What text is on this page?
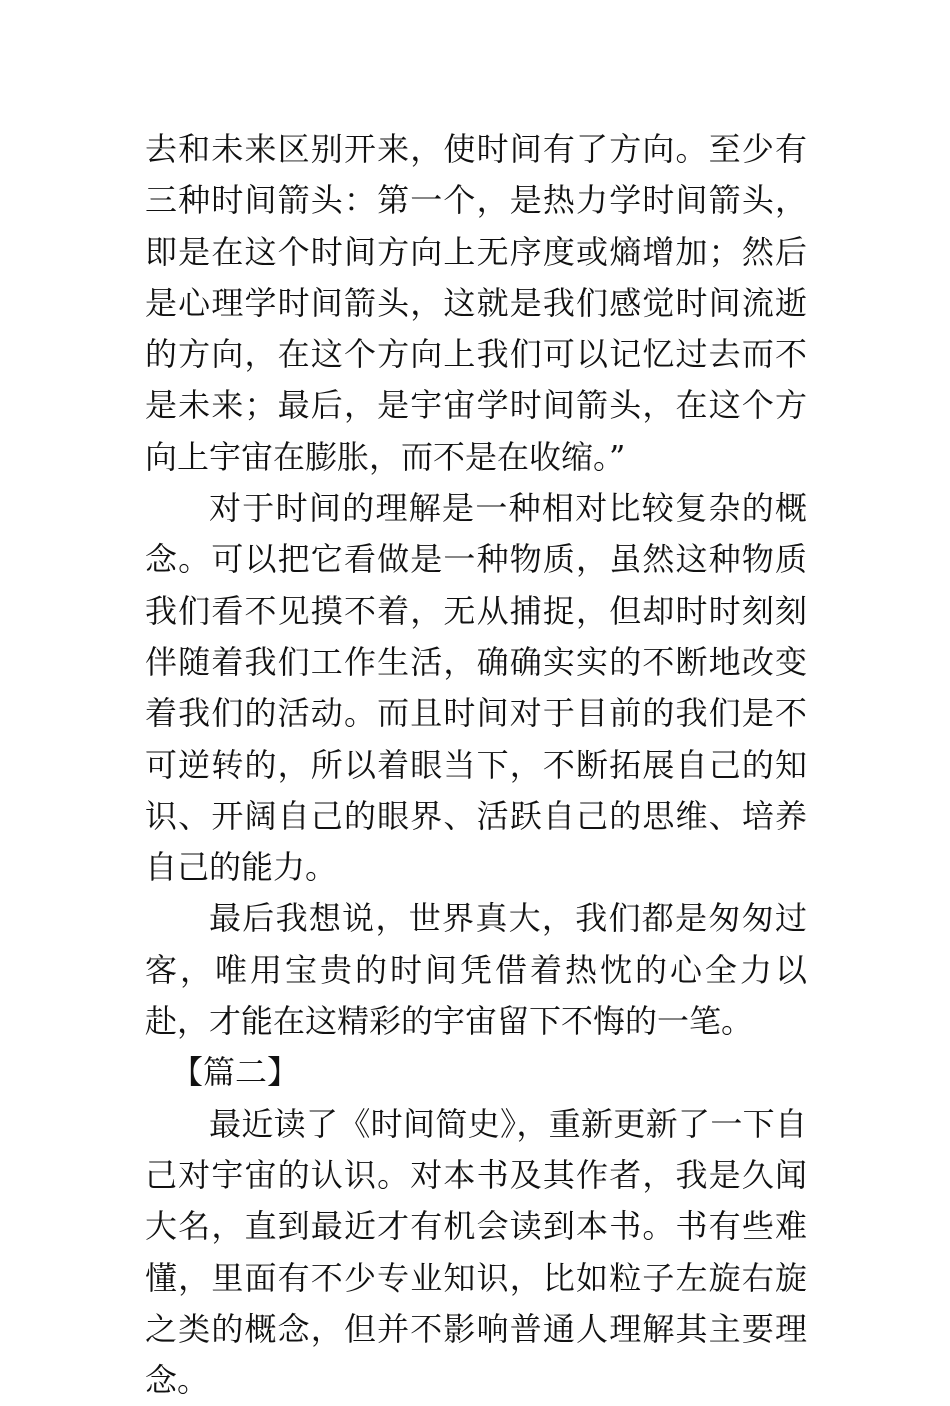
去和未来区别开来，使时间有了方向。至少有三种时间箭头：第一个，是热力学时间箭头，即是在这个时间方向上无序度或熵增加；然后是心理学时间箭头，这就是我们感觉时间流逝的方向，在这个方向上我们可以记忆过去而不是未来；最后，是宇宙学时间箭头，在这个方向上宇宙在膨胀，而不是在收缩。”

对于时间的理解是一种相对比较复杂的概念。可以把它看做是一种物质，虽然这种物质我们看不见摸不着，无从捕捉，但却时时刻刻伴随着我们工作生活，确确实实的不断地改变着我们的活动。而且时间对于目前的我们是不可逆转的，所以着眼当下，不断拓展自己的知识、开阔自己的眼界、活跃自己的思维、培养自己的能力。

最后我想说，世界真大，我们都是匆匆过客，唯用宝贵的时间凭借着热忱的心全力以赴，才能在这精彩的宇宙留下不悔的一笔。

【篇二】

最近读了《时间简史》，重新更新了一下自己对宇宙的认识。对本书及其作者，我是久闻大名，直到最近才有机会读到本书。书有些难懂，里面有不少专业知识，比如粒子左旋右旋之类的概念，但并不影响普通人理解其主要理念。
